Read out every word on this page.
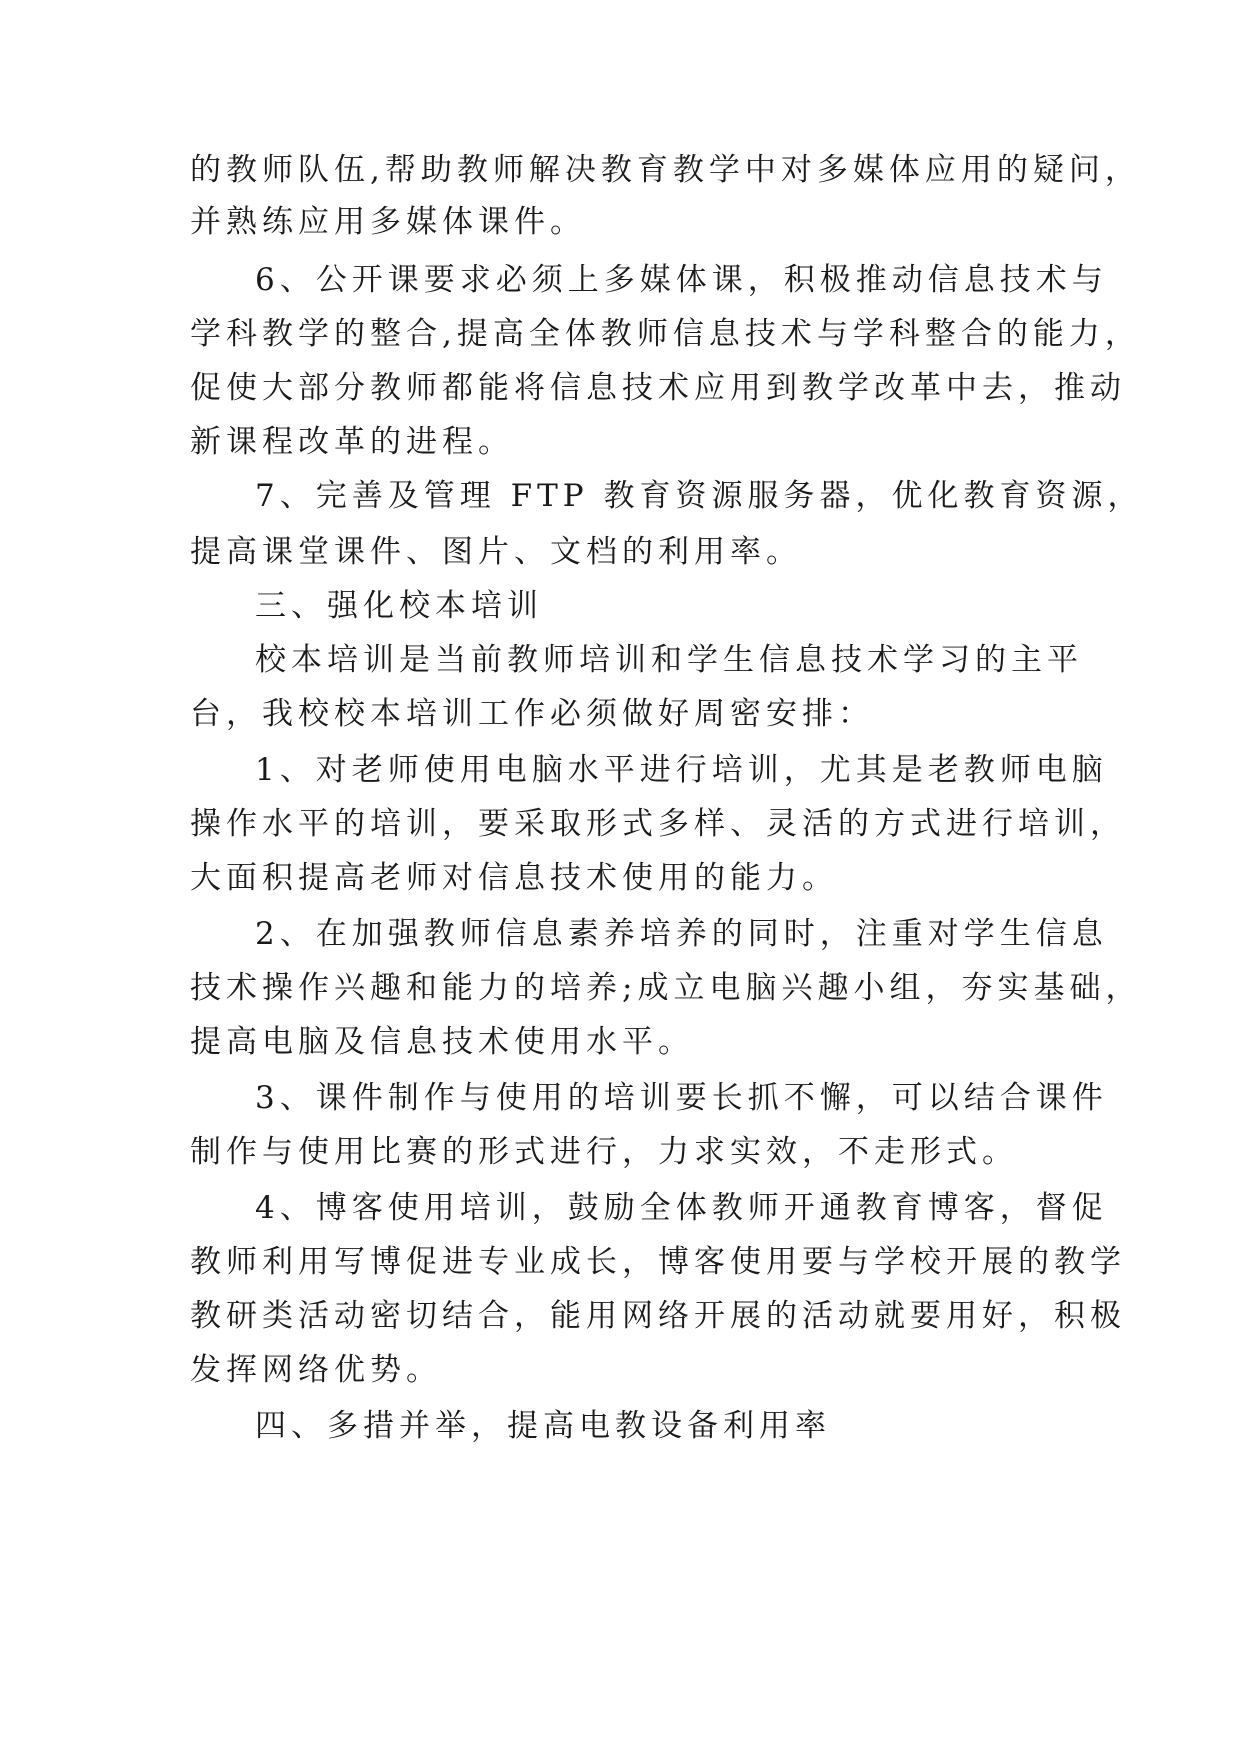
的教师队伍,帮助教师解决教育教学中对多媒体应用的疑问，
并熟练应用多媒体课件。
6、公开课要求必须上多媒体课，积极推动信息技术与
学科教学的整合,提高全体教师信息技术与学科整合的能力，
促使大部分教师都能将信息技术应用到教学改革中去，推动
新课程改革的进程。
7、完善及管理 FTP 教育资源服务器，优化教育资源，
提高课堂课件、图片、文档的利用率。
三、强化校本培训
校本培训是当前教师培训和学生信息技术学习的主平
台，我校校本培训工作必须做好周密安排：
1、对老师使用电脑水平进行培训，尤其是老教师电脑
操作水平的培训，要采取形式多样、灵活的方式进行培训，
大面积提高老师对信息技术使用的能力。
2、在加强教师信息素养培养的同时，注重对学生信息
技术操作兴趣和能力的培养;成立电脑兴趣小组，夯实基础，
提高电脑及信息技术使用水平。
3、课件制作与使用的培训要长抓不懈，可以结合课件
制作与使用比赛的形式进行，力求实效，不走形式。
4、博客使用培训，鼓励全体教师开通教育博客，督促
教师利用写博促进专业成长，博客使用要与学校开展的教学
教研类活动密切结合，能用网络开展的活动就要用好，积极
发挥网络优势。
四、多措并举，提高电教设备利用率
